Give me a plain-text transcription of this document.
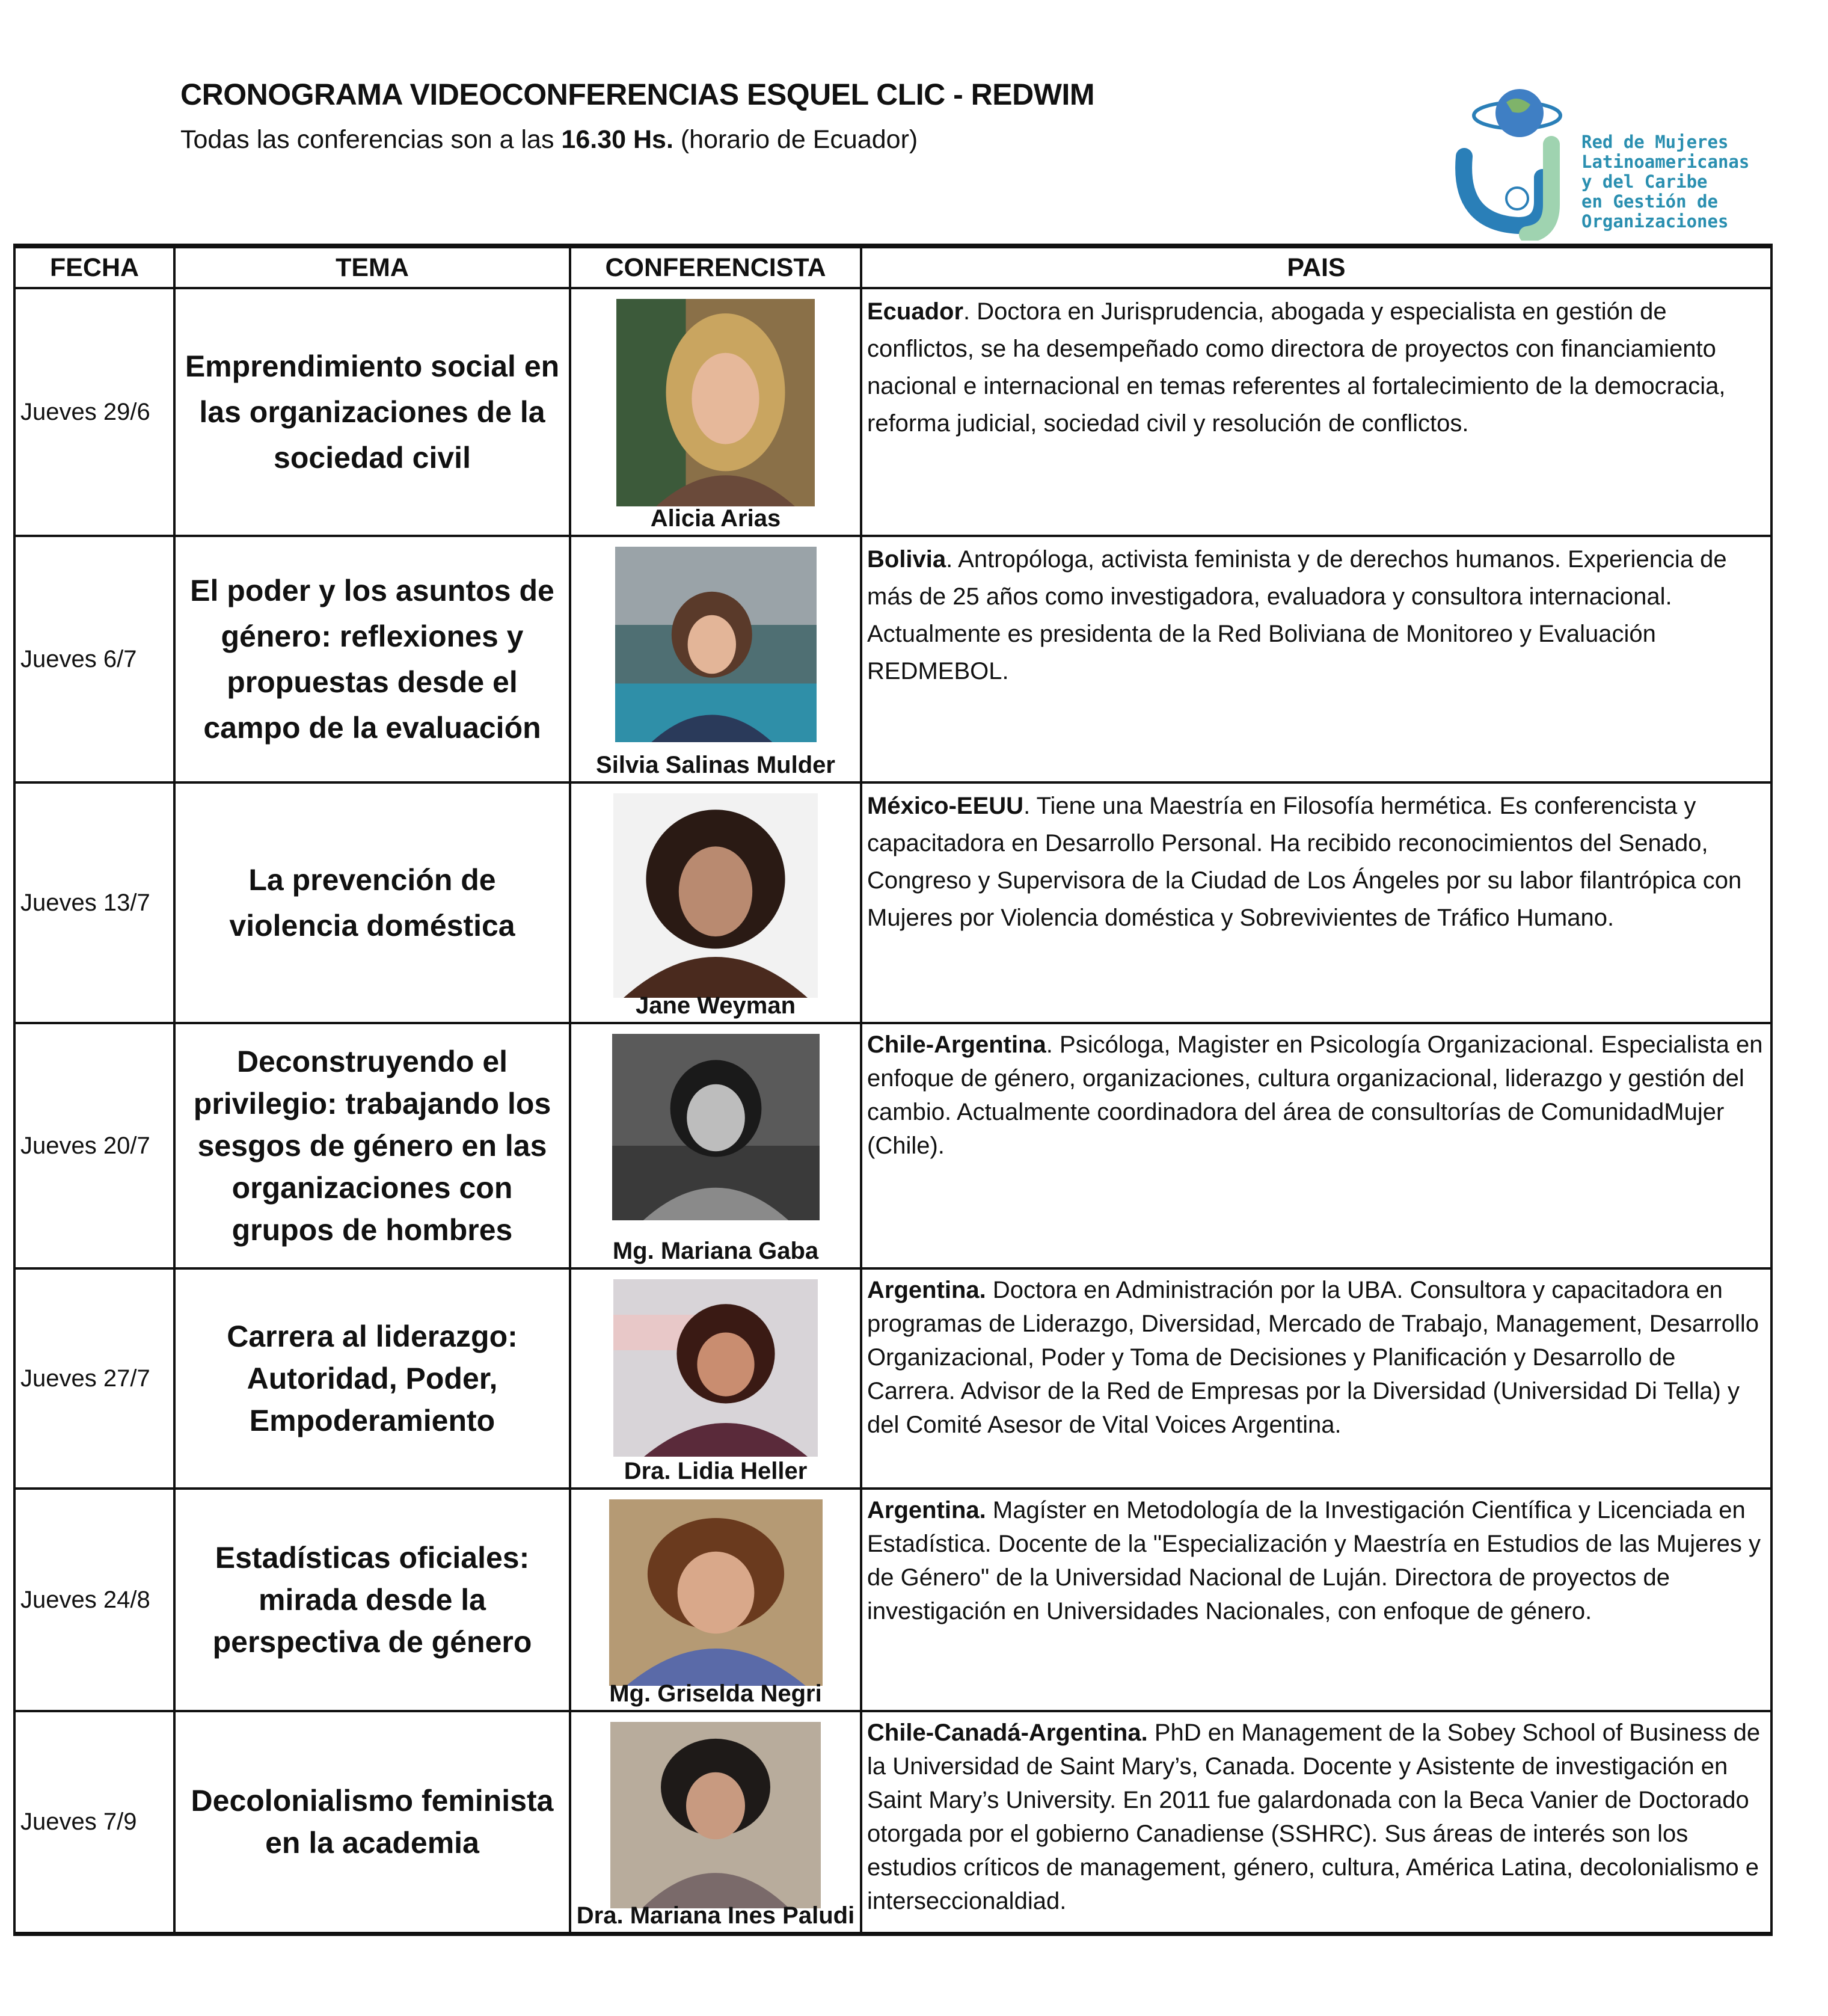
CRONOGRAMA VIDEOCONFERENCIAS ESQUEL CLIC - REDWIM
Todas las conferencias son a las 16.30 Hs. (horario de Ecuador)	Red de Mujeres
Latinoamericanas
y del Caribe
en Gestión de
Organizaciones
FECHA	TEMA	CONFERENCISTA	PAIS
Jueves 29/6	Emprendimiento social en las organizaciones de la sociedad civil	Alicia Arias	Ecuador. Doctora en Jurisprudencia, abogada y especialista en gestión de conflictos, se ha desempeñado como directora de proyectos con financiamiento nacional e internacional en temas referentes al fortalecimiento de la democracia, reforma judicial, sociedad civil y resolución de conflictos.
Jueves 6/7	El poder y los asuntos de género: reflexiones y propuestas desde el campo de la evaluación	Silvia Salinas Mulder	Bolivia. Antropóloga, activista feminista y de derechos humanos. Experiencia de más de 25 años como investigadora, evaluadora y consultora internacional. Actualmente es presidenta de la Red Boliviana de Monitoreo y Evaluación REDMEBOL.
Jueves 13/7	La prevención de violencia doméstica	Jane Weyman	México-EEUU. Tiene una Maestría en Filosofía hermética. Es conferencista y capacitadora en Desarrollo Personal. Ha recibido reconocimientos del Senado, Congreso y Supervisora de la Ciudad de Los Ángeles por su labor filantrópica con Mujeres por Violencia doméstica y Sobrevivientes de Tráfico Humano.
Jueves 20/7	Deconstruyendo el privilegio: trabajando los sesgos de género en las organizaciones con grupos de hombres	Mg. Mariana Gaba	Chile-Argentina. Psicóloga, Magister en Psicología Organizacional. Especialista en enfoque de género, organizaciones, cultura organizacional, liderazgo y gestión del cambio. Actualmente coordinadora del área de consultorías de ComunidadMujer (Chile).
Jueves 27/7	Carrera al liderazgo: Autoridad, Poder, Empoderamiento	Dra. Lidia Heller	Argentina. Doctora en Administración por la UBA. Consultora y capacitadora en programas de Liderazgo, Diversidad, Mercado de Trabajo, Management, Desarrollo Organizacional, Poder y Toma de Decisiones y Planificación y Desarrollo de Carrera. Advisor de la Red de Empresas por la Diversidad (Universidad Di Tella) y del Comité Asesor de Vital Voices Argentina.
Jueves 24/8	Estadísticas oficiales: mirada desde la perspectiva de género	Mg. Griselda Negri	Argentina. Magíster en Metodología de la Investigación Científica y Licenciada en Estadística. Docente de la "Especialización y Maestría en Estudios de las Mujeres y de Género" de la Universidad Nacional de Luján. Directora de proyectos de investigación en Universidades Nacionales, con enfoque de género.
Jueves 7/9	Decolonialismo feminista en la academia	Dra. Mariana Ines Paludi	Chile-Canadá-Argentina. PhD en Management de la Sobey School of Business de la Universidad de Saint Mary’s, Canada. Docente y Asistente de investigación en Saint Mary’s University. En 2011 fue galardonada con la Beca Vanier de Doctorado otorgada por el gobierno Canadiense (SSHRC). Sus áreas de interés son los estudios críticos de management, género, cultura, América Latina, decolonialismo e interseccionaldiad.
